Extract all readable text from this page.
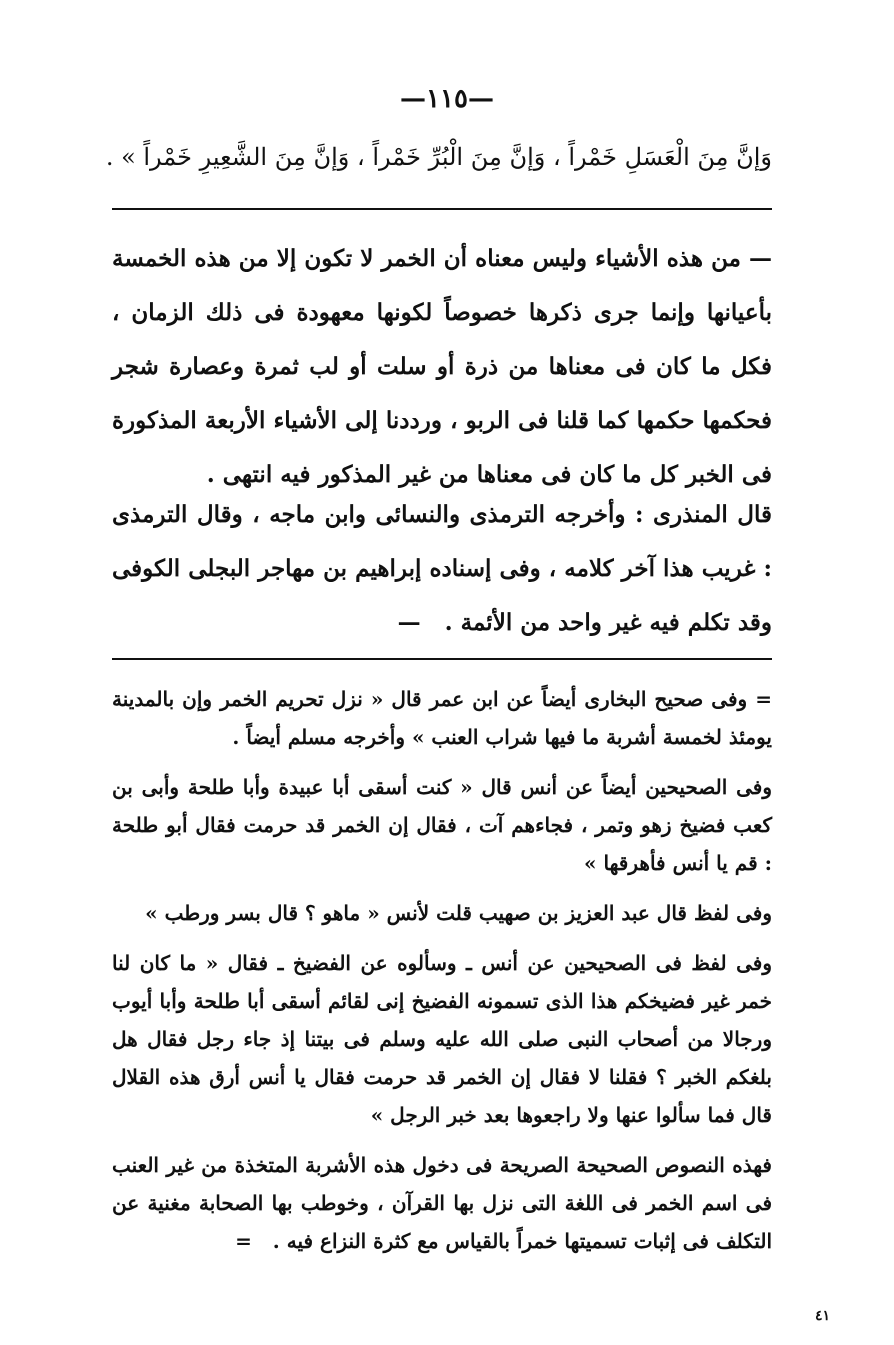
—١١٥—
وَإنَّ مِنَ الْعَسَلِ خَمْراً ، وَإنَّ مِنَ الْبُرِّ خَمْراً ، وَإنَّ مِنَ الشَّعِيرِ خَمْراً » .

— من هذه الأشياء وليس معناه أن الخمر لا تكون إلا من هذه الخمسة بأعيانها وإنما جرى ذكرها خصوصاً لكونها معهودة فى ذلك الزمان ، فكل ما كان فى معناها من ذرة أو سلت أو لب ثمرة وعصارة شجر فحكمها حكمها كما قلنا فى الربو ، ورددنا إلى الأشياء الأربعة المذكورة فى الخبر كل ما كان فى معناها من غير المذكور فيه انتهى .

قال المنذرى : وأخرجه الترمذى والنسائى وابن ماجه ، وقال الترمذى : غريب هذا آخر كلامه ، وفى إسناده إبراهيم بن مهاجر البجلى الكوفى وقد تكلم فيه غير واحد من الأئمة .   —

= وفى صحيح البخارى أيضاً عن ابن عمر قال « نزل تحريم الخمر وإن بالمدينة يومئذ لخمسة أشربة ما فيها شراب العنب » وأخرجه مسلم أيضاً .

وفى الصحيحين أيضاً عن أنس قال « كنت أسقى أبا عبيدة وأبا طلحة وأبى بن كعب فضيخ زهو وتمر ، فجاءهم آت ، فقال إن الخمر قد حرمت فقال أبو طلحة : قم يا أنس فأهرقها »

وفى لفظ قال عبد العزيز بن صهيب قلت لأنس « ماهو ؟ قال بسر ورطب »

وفى لفظ فى الصحيحين عن أنس ـ وسألوه عن الفضيخ ـ فقال « ما كان لنا خمر غير فضيخكم هذا الذى تسمونه الفضيخ إنى لقائم أسقى أبا طلحة وأبا أيوب ورجالا من أصحاب النبى صلى الله عليه وسلم فى بيتنا إذ جاء رجل فقال هل بلغكم الخبر ؟ فقلنا لا فقال إن الخمر قد حرمت فقال يا أنس أرق هذه القلال قال فما سألوا عنها ولا راجعوها بعد خبر الرجل »

فهذه النصوص الصحيحة الصريحة فى دخول هذه الأشربة المتخذة من غير العنب فى اسم الخمر فى اللغة التى نزل بها القرآن ، وخوطب بها الصحابة مغنية عن التكلف فى إثبات تسميتها خمراً بالقياس مع كثرة النزاع فيه .   =

٤١
